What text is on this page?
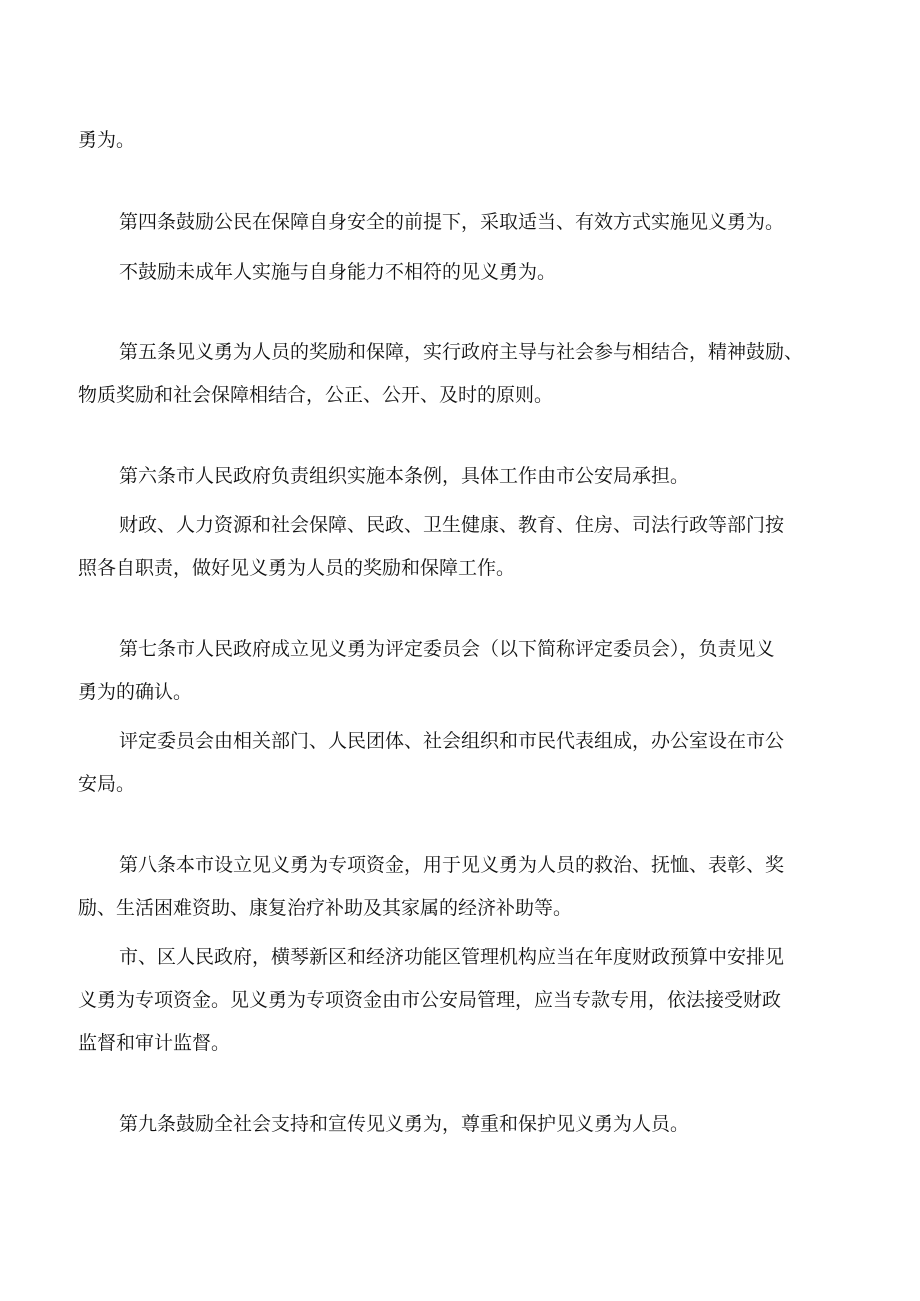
勇为。
第四条鼓励公民在保障自身安全的前提下，采取适当、有效方式实施见义勇为。
不鼓励未成年人实施与自身能力不相符的见义勇为。
第五条见义勇为人员的奖励和保障，实行政府主导与社会参与相结合，精神鼓励、
物质奖励和社会保障相结合，公正、公开、及时的原则。
第六条市人民政府负责组织实施本条例，具体工作由市公安局承担。
财政、人力资源和社会保障、民政、卫生健康、教育、住房、司法行政等部门按
照各自职责，做好见义勇为人员的奖励和保障工作。
第七条市人民政府成立见义勇为评定委员会（以下简称评定委员会），负责见义
勇为的确认。
评定委员会由相关部门、人民团体、社会组织和市民代表组成，办公室设在市公
安局。
第八条本市设立见义勇为专项资金，用于见义勇为人员的救治、抚恤、表彰、奖
励、生活困难资助、康复治疗补助及其家属的经济补助等。
市、区人民政府，横琴新区和经济功能区管理机构应当在年度财政预算中安排见
义勇为专项资金。见义勇为专项资金由市公安局管理，应当专款专用，依法接受财政
监督和审计监督。
第九条鼓励全社会支持和宣传见义勇为，尊重和保护见义勇为人员。
